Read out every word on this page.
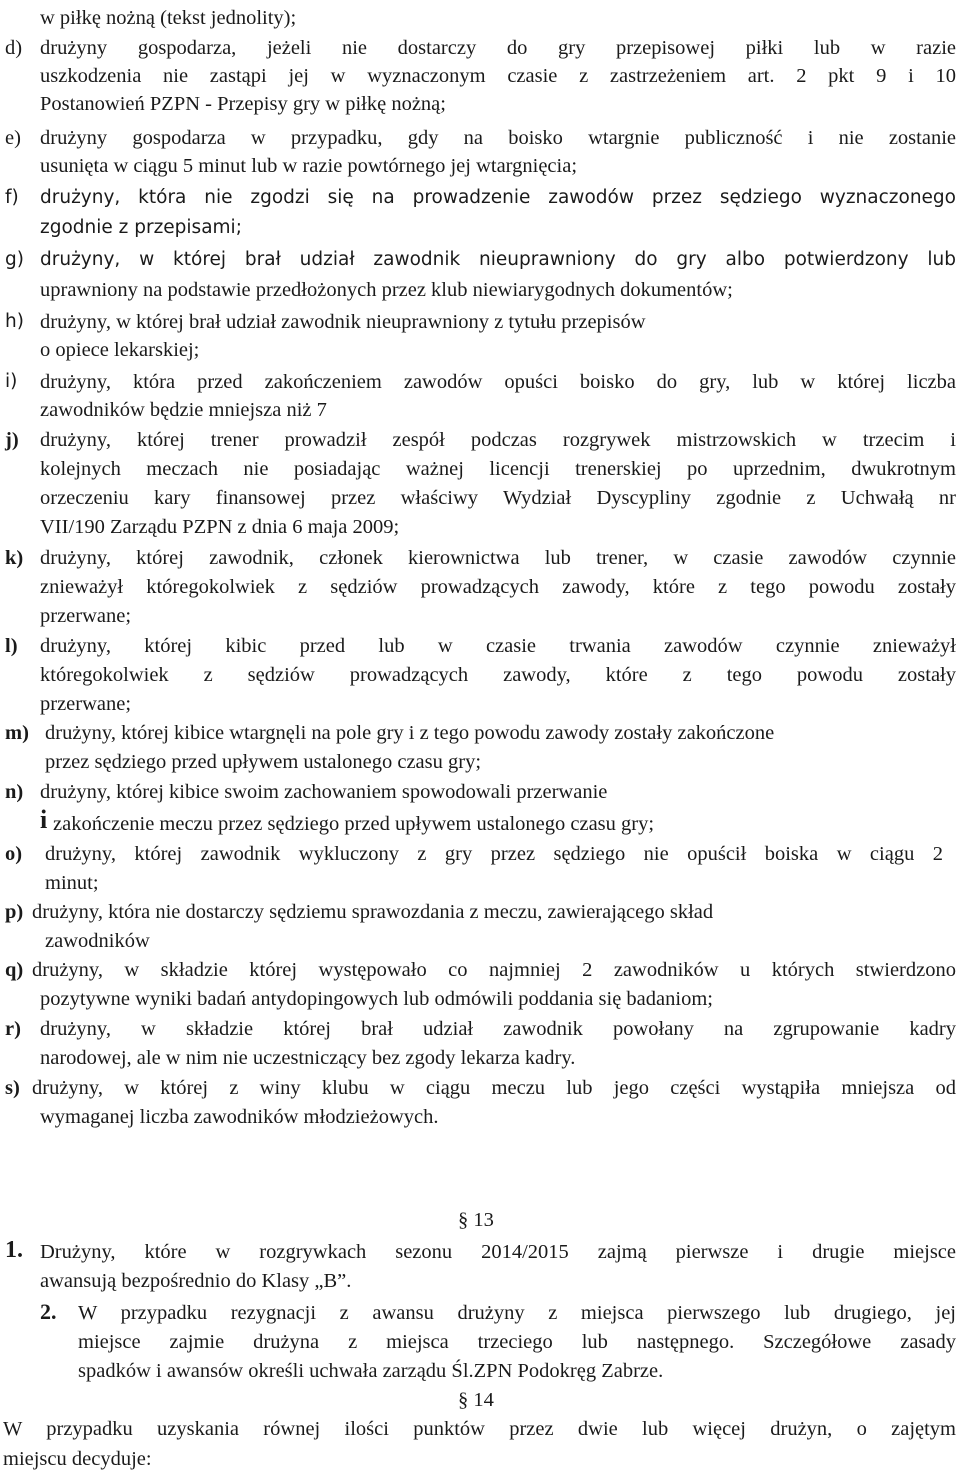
w piłkę nożną (tekst jednolity);
d) drużyny gospodarza, jeżeli nie dostarczy do gry przepisowej piłki lub w razie
uszkodzenia nie zastąpi jej w wyznaczonym czasie z zastrzeżeniem art. 2 pkt 9 i 10
Postanowień PZPN - Przepisy gry w piłkę nożną;
e) drużyny gospodarza w przypadku, gdy na boisko wtargnie publiczność i nie zostanie
usunięta w ciągu 5 minut lub w razie powtórnego jej wtargnięcia;
f) drużyny, która nie zgodzi się na prowadzenie zawodów przez sędziego wyznaczonego
zgodnie z przepisami;
g) drużyny, w której brał udział zawodnik nieuprawniony do gry albo potwierdzony lub
uprawniony na podstawie przedłożonych przez klub niewiarygodnych dokumentów;
h) drużyny, w której brał udział zawodnik nieuprawniony z tytułu przepisów
o opiece lekarskiej;
i) drużyny, która przed zakończeniem zawodów opuści boisko do gry, lub w której liczba
zawodników będzie mniejsza niż 7
j) drużyny, której trener prowadził zespół podczas rozgrywek mistrzowskich w trzecim i
kolejnych meczach nie posiadając ważnej licencji trenerskiej po uprzednim, dwukrotnym
orzeczeniu kary finansowej przez właściwy Wydział Dyscypliny zgodnie z Uchwałą nr
VII/190 Zarządu PZPN z dnia 6 maja 2009;
k) drużyny, której zawodnik, członek kierownictwa lub trener, w czasie zawodów czynnie
znieważył któregokolwiek z sędziów prowadzących zawody, które z tego powodu zostały
przerwane;
l) drużyny, której kibic przed lub w czasie trwania zawodów czynnie znieważył
któregokolwiek z sędziów prowadzących zawody, które z tego powodu zostały
przerwane;
m) drużyny, której kibice wtargnęli na pole gry i z tego powodu zawody zostały zakończone
przez sędziego przed upływem ustalonego czasu gry;
n) drużyny, której kibice swoim zachowaniem spowodowali przerwanie
i zakończenie meczu przez sędziego przed upływem ustalonego czasu gry;
o) drużyny, której zawodnik wykluczony z gry przez sędziego nie opuścił boiska w ciągu 2
minut;
p) drużyny, która nie dostarczy sędziemu sprawozdania z meczu, zawierającego skład
zawodników
q) drużyny, w składzie której występowało co najmniej 2 zawodników u których stwierdzono
pozytywne wyniki badań antydopingowych lub odmówili poddania się badaniom;
r) drużyny, w składzie której brał udział zawodnik powołany na zgrupowanie kadry
narodowej, ale w nim nie uczestniczący bez zgody lekarza kadry.
s) drużyny, w której z winy klubu w ciągu meczu lub jego części wystąpiła mniejsza od
wymaganej liczba zawodników młodzieżowych.
§ 13
1. Drużyny, które w rozgrywkach sezonu 2014/2015 zajmą pierwsze i drugie miejsce
awansują bezpośrednio do Klasy „B”.
2. W przypadku rezygnacji z awansu drużyny z miejsca pierwszego lub drugiego, jej
miejsce zajmie drużyna z miejsca trzeciego lub następnego. Szczegółowe zasady
spadków i awansów określi uchwała zarządu Śl.ZPN Podokręg Zabrze.
§ 14
W przypadku uzyskania równej ilości punktów przez dwie lub więcej drużyn, o zajętym
miejscu decyduje:
